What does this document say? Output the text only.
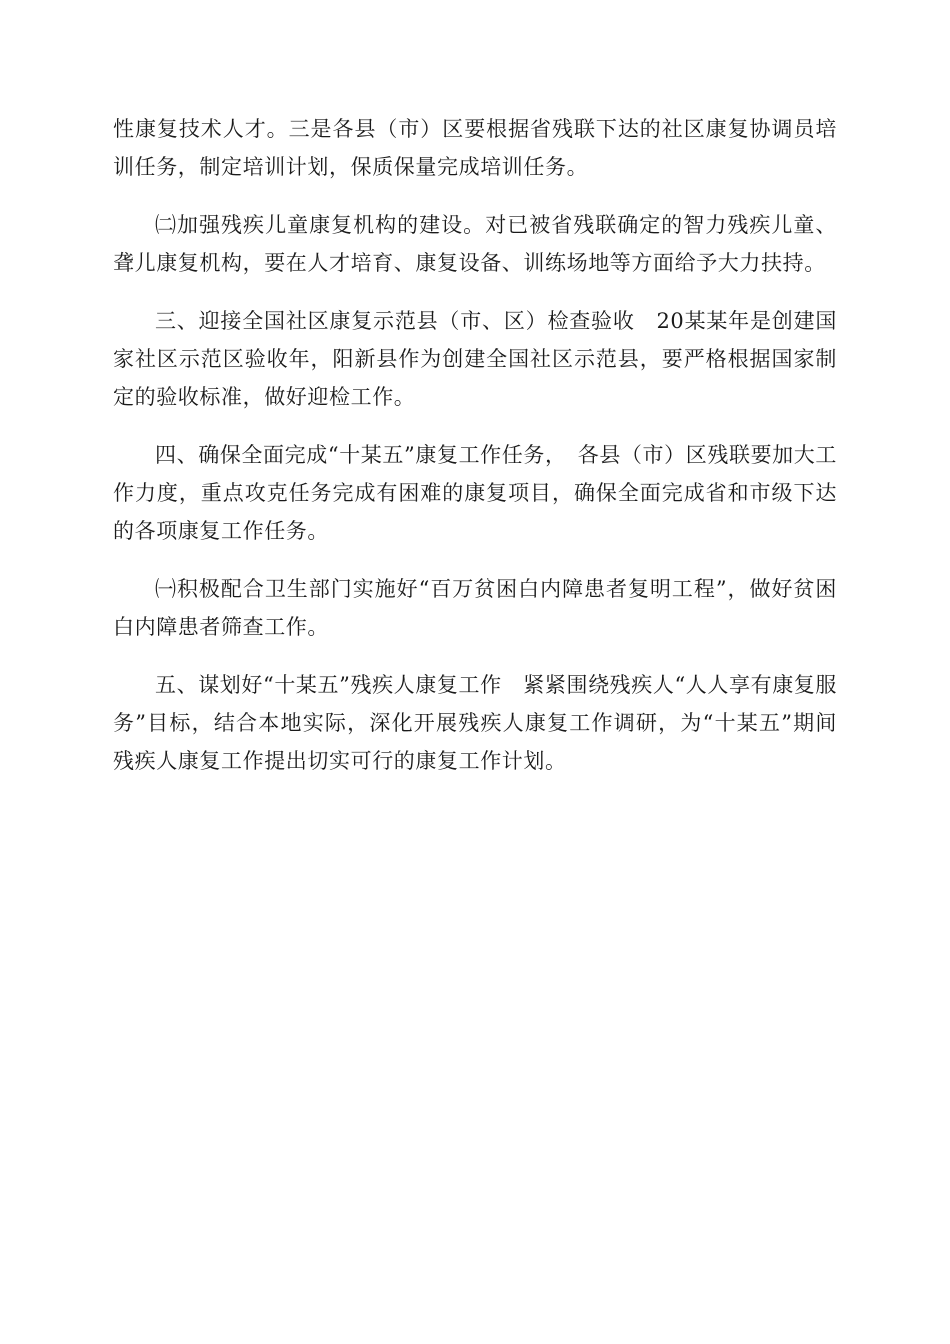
性康复技术人才。三是各县（市）区要根据省残联下达的社区康复协调员培训任务，制定培训计划，保质保量完成培训任务。

㈡加强残疾儿童康复机构的建设。对已被省残联确定的智力残疾儿童、聋儿康复机构，要在人才培育、康复设备、训练场地等方面给予大力扶持。

三、迎接全国社区康复示范县（市、区）检查验收　20某某年是创建国家社区示范区验收年，阳新县作为创建全国社区示范县，要严格根据国家制定的验收标准，做好迎检工作。

四、确保全面完成“十某五”康复工作任务，　各县（市）区残联要加大工作力度，重点攻克任务完成有困难的康复项目，确保全面完成省和市级下达的各项康复工作任务。

㈠积极配合卫生部门实施好“百万贫困白内障患者复明工程”，做好贫困白内障患者筛查工作。

五、谋划好“十某五”残疾人康复工作　紧紧围绕残疾人“人人享有康复服务”目标，结合本地实际，深化开展残疾人康复工作调研，为“十某五”期间残疾人康复工作提出切实可行的康复工作计划。
